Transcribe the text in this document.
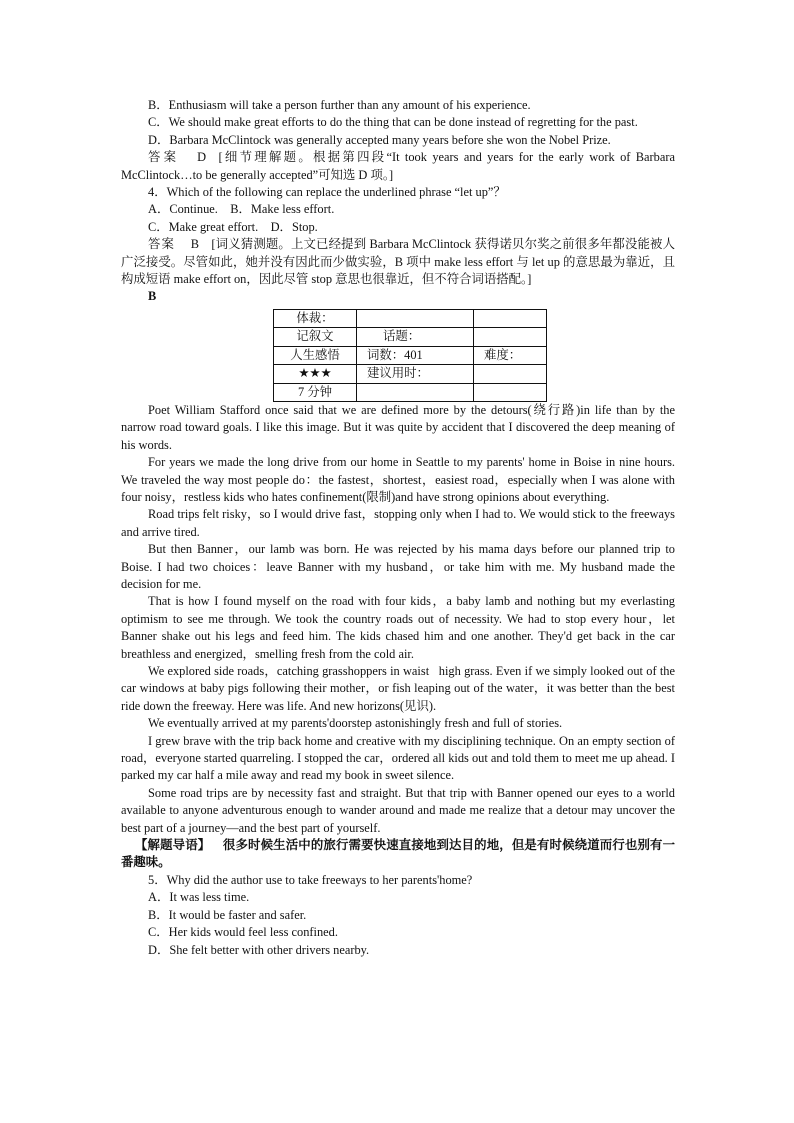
B．Enthusiasm will take a person further than any amount of his experience.

C．We should make great efforts to do the thing that can be done instead of regretting for the past.

D．Barbara McClintock was generally accepted many years before she won the Nobel Prize.

答案   D  [细节理解题。根据第四段“It took years and years for the early work of Barbara McClintock…to be generally accepted”可知选 D 项。]

4．Which of the following can replace the underlined phrase “let up”？

A．Continue.　B．Make less effort.

C．Make great effort.　D．Stop.

答案   B  [词义猜测题。上文已经提到 Barbara McClintock 获得诺贝尔奖之前很多年都没能被人广泛接受。尽管如此，她并没有因此而少做实验，B 项中 make less effort 与 let up 的意思最为靠近，且构成短语 make effort on，因此尽管 stop 意思也很靠近，但不符合词语搭配。]

B

体裁：		
记叙文	话题：	
人生感悟	词数：401	难度：
★★★	建议用时：	
7 分钟		

Poet William Stafford once said that we are defined more by the detours(绕行路)in life than by the narrow road toward goals. I like this image. But it was quite by accident that I discovered the deep meaning of his words.

For years we made the long drive from our home in Seattle to my parents' home in Boise in nine hours. We traveled the way most people do：the fastest，shortest，easiest road，especially when I was alone with four noisy，restless kids who hates confinement(限制)and have strong opinions about everything.

Road trips felt risky，so I would drive fast，stopping only when I had to. We would stick to the freeways and arrive tired.

But then Banner，our lamb was born. He was rejected by his mama days before our planned trip to Boise. I had two choices：leave Banner with my husband，or take him with me. My husband made the decision for me.

That is how I found myself on the road with four kids，a baby lamb and nothing but my everlasting optimism to see me through. We took the country roads out of necessity. We had to stop every hour，let Banner shake out his legs and feed him. The kids chased him and one another. They'd get back in the car breathless and energized，smelling fresh from the cold air.

We explored side roads，catching grasshoppers in waist high grass. Even if we simply looked out of the car windows at baby pigs following their mother，or fish leaping out of the water，it was better than the best ride down the freeway. Here was life. And new horizons(见识).

We eventually arrived at my parents'doorstep astonishingly fresh and full of stories.

I grew brave with the trip back home and creative with my disciplining technique. On an empty section of road，everyone started quarreling. I stopped the car，ordered all kids out and told them to meet me up ahead. I parked my car half a mile away and read my book in sweet silence.

Some road trips are by necessity fast and straight. But that trip with Banner opened our eyes to a world available to anyone adventurous enough to wander around and made me realize that a detour may uncover the best part of a journey—and the best part of yourself.

【解题导语】  很多时候生活中的旅行需要快速直接地到达目的地，但是有时候绕道而行也别有一番趣味。

5．Why did the author use to take freeways to her parents'home?

A．It was less time.

B．It would be faster and safer.

C．Her kids would feel less confined.

D．She felt better with other drivers nearby.
